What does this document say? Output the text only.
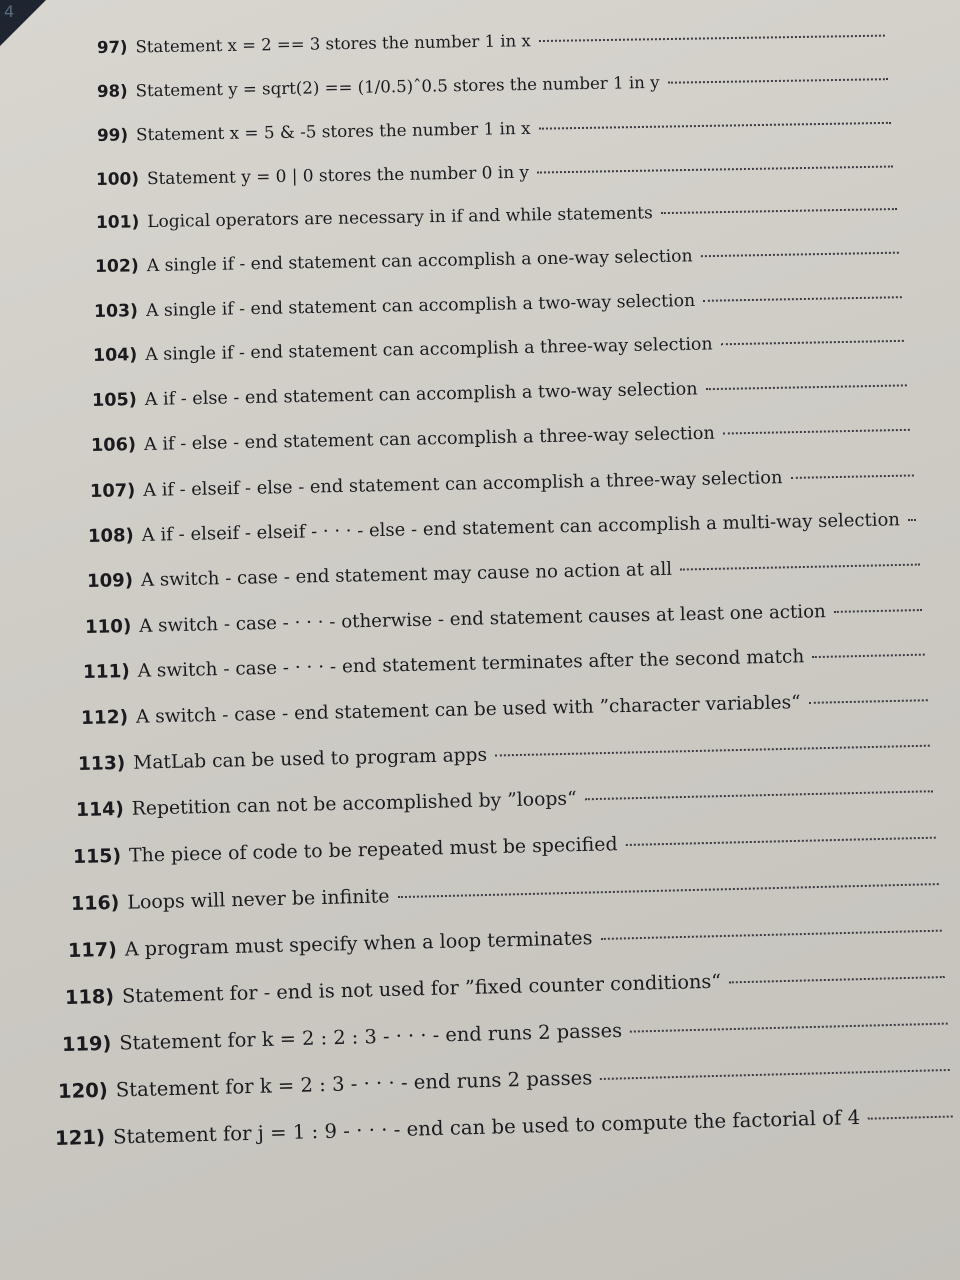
4
97) Statement x = 2 == 3 stores the number 1 in x
98) Statement y = sqrt(2) == (1/0.5)ˆ0.5 stores the number 1 in y
99) Statement x = 5 & -5 stores the number 1 in x
100) Statement y = 0 | 0 stores the number 0 in y
101) Logical operators are necessary in if and while statements
102) A single if - end statement can accomplish a one-way selection
103) A single if - end statement can accomplish a two-way selection
104) A single if - end statement can accomplish a three-way selection
105) A if - else - end statement can accomplish a two-way selection
106) A if - else - end statement can accomplish a three-way selection
107) A if - elseif - else - end statement can accomplish a three-way selection
108) A if - elseif - elseif - · · · - else - end statement can accomplish a multi-way selection
109) A switch - case - end statement may cause no action at all
110) A switch - case - · · · - otherwise - end statement causes at least one action
111) A switch - case - · · · - end statement terminates after the second match
112) A switch - case - end statement can be used with ”character variables“
113) MatLab can be used to program apps
114) Repetition can not be accomplished by ”loops“
115) The piece of code to be repeated must be specified
116) Loops will never be infinite
117) A program must specify when a loop terminates
118) Statement for - end is not used for ”fixed counter conditions“
119) Statement for k = 2 : 2 : 3 - · · · - end runs 2 passes
120) Statement for k = 2 : 3 - · · · - end runs 2 passes
121) Statement for j = 1 : 9 - · · · - end can be used to compute the factorial of 4
